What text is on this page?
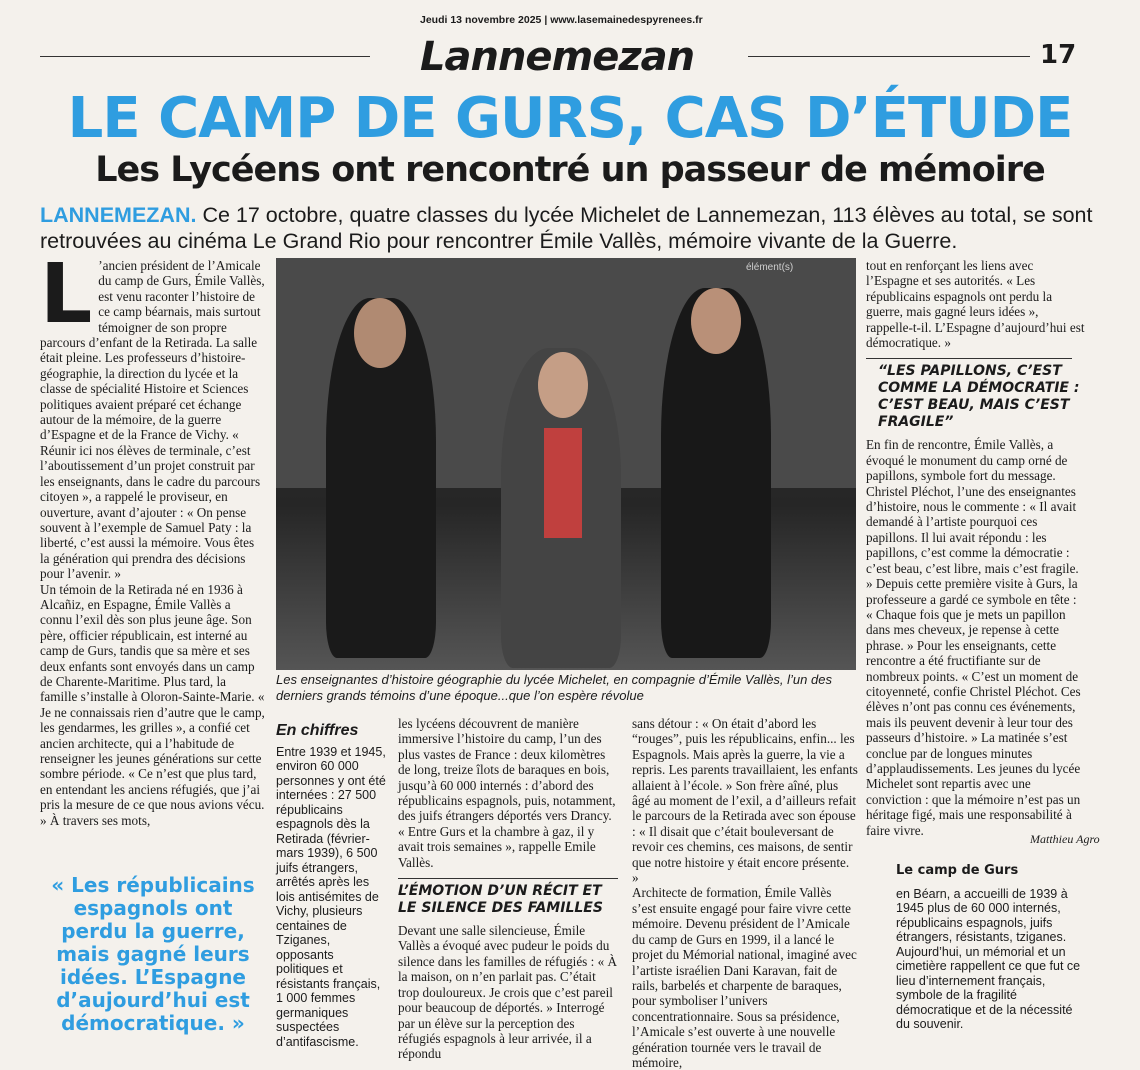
Jeudi 13 novembre 2025 | www.lasemainedespyrenees.fr
Lannemezan	17
LE CAMP DE GURS, CAS D’ÉTUDE
Les Lycéens ont rencontré un passeur de mémoire
LANNEMEZAN. Ce 17 octobre, quatre classes du lycée Michelet de Lannemezan, 113 élèves au total, se sont retrouvées au cinéma Le Grand Rio pour rencontrer Émile Vallès, mémoire vivante de la Guerre.
L ’ancien président de l’Amicale du camp de Gurs, Émile Vallès, est venu raconter l’histoire de ce camp béarnais, mais surtout témoigner de son propre parcours d’enfant de la Retirada. La salle était pleine. Les professeurs d’histoire-géographie, la direction du lycée et la classe de spécialité Histoire et Sciences politiques avaient préparé cet échange autour de la mémoire, de la guerre d’Espagne et de la France de Vichy. « Réunir ici nos élèves de terminale, c’est l’aboutissement d’un projet construit par les enseignants, dans le cadre du parcours citoyen », a rappelé le proviseur, en ouverture, avant d’ajouter : « On pense souvent à l’exemple de Samuel Paty : la liberté, c’est aussi la mémoire. Vous êtes la génération qui prendra des décisions pour l’avenir. »

Un témoin de la Retirada né en 1936 à Alcañiz, en Espagne, Émile Vallès a connu l’exil dès son plus jeune âge. Son père, officier républicain, est interné au camp de Gurs, tandis que sa mère et ses deux enfants sont envoyés dans un camp de Charente-Maritime. Plus tard, la famille s’installe à Oloron-Sainte-Marie. « Je ne connaissais rien d’autre que le camp, les gendarmes, les grilles », a confié cet ancien architecte, qui a l’habitude de renseigner les jeunes générations sur cette sombre période. « Ce n’est que plus tard, en entendant les anciens réfugiés, que j’ai pris la mesure de ce que nous avions vécu. » À travers ses mots,

« Les républicains espagnols ont perdu la guerre, mais gagné leurs idées. L’Espagne d’aujourd’hui est démocratique. »
élément(s)
Les enseignantes d’histoire géographie du lycée Michelet, en compagnie d’Émile Vallès, l’un des derniers grands témoins d’une époque...que l’on espère révolue
En chiffres
Entre 1939 et 1945, environ 60 000 personnes y ont été internées : 27 500 républicains espagnols dès la Retirada (février-mars 1939), 6 500 juifs étrangers, arrêtés après les lois antisémites de Vichy, plusieurs centaines de Tziganes, opposants politiques et résistants français, 1 000 femmes germaniques suspectées d’antifascisme.

les lycéens découvrent de manière immersive l’histoire du camp, l’un des plus vastes de France : deux kilomètres de long, treize îlots de baraques en bois, jusqu’à 60 000 internés : d’abord des républicains espagnols, puis, notamment, des juifs étrangers déportés vers Drancy. « Entre Gurs et la chambre à gaz, il y avait trois semaines », rappelle Emile Vallès.

L’ÉMOTION D’UN RÉCIT ET LE SILENCE DES FAMILLES

Devant une salle silencieuse, Émile Vallès a évoqué avec pudeur le poids du silence dans les familles de réfugiés : « À la maison, on n’en parlait pas. C’était trop douloureux. Je crois que c’est pareil pour beaucoup de déportés. » Interrogé par un élève sur la perception des réfugiés espagnols à leur arrivée, il a répondu

sans détour : « On était d’abord les “rouges”, puis les républicains, enfin... les Espagnols. Mais après la guerre, la vie a repris. Les parents travaillaient, les enfants allaient à l’école. » Son frère aîné, plus âgé au moment de l’exil, a d’ailleurs refait le parcours de la Retirada avec son épouse : « Il disait que c’était bouleversant de revoir ces chemins, ces maisons, de sentir que notre histoire y était encore présente. »

Architecte de formation, Émile Vallès s’est ensuite engagé pour faire vivre cette mémoire. Devenu président de l’Amicale du camp de Gurs en 1999, il a lancé le projet du Mémorial national, imaginé avec l’artiste israélien Dani Karavan, fait de rails, barbelés et charpente de baraques, pour symboliser l’univers concentrationnaire. Sous sa présidence, l’Amicale s’est ouverte à une nouvelle génération tournée vers le travail de mémoire,

tout en renforçant les liens avec l’Espagne et ses autorités. « Les républicains espagnols ont perdu la guerre, mais gagné leurs idées », rappelle-t-il. L’Espagne d’aujourd’hui est démocratique. »

“LES PAPILLONS, C’EST COMME LA DÉMOCRATIE : C’EST BEAU, MAIS C’EST FRAGILE”

En fin de rencontre, Émile Vallès, a évoqué le monument du camp orné de papillons, symbole fort du message. Christel Pléchot, l’une des enseignantes d’histoire, nous le commente : « Il avait demandé à l’artiste pourquoi ces papillons. Il lui avait répondu : les papillons, c’est comme la démocratie : c’est beau, c’est libre, mais c’est fragile. » Depuis cette première visite à Gurs, la professeure a gardé ce symbole en tête : « Chaque fois que je mets un papillon dans mes cheveux, je repense à cette phrase. » Pour les enseignants, cette rencontre a été fructifiante sur de nombreux points. « C’est un moment de citoyenneté, confie Christel Pléchot. Ces élèves n’ont pas connu ces événements, mais ils peuvent devenir à leur tour des passeurs d’histoire. » La matinée s’est conclue par de longues minutes d’applaudissements. Les jeunes du lycée Michelet sont repartis avec une conviction : que la mémoire n’est pas un héritage figé, mais une responsabilité à faire vivre.

Matthieu Agro
Le camp de Gurs
en Béarn, a accueilli de 1939 à 1945 plus de 60 000 internés, républicains espagnols, juifs étrangers, résistants, tziganes. Aujourd’hui, un mémorial et un cimetière rappellent ce que fut ce lieu d’internement français, symbole de la fragilité démocratique et de la nécessité du souvenir.
